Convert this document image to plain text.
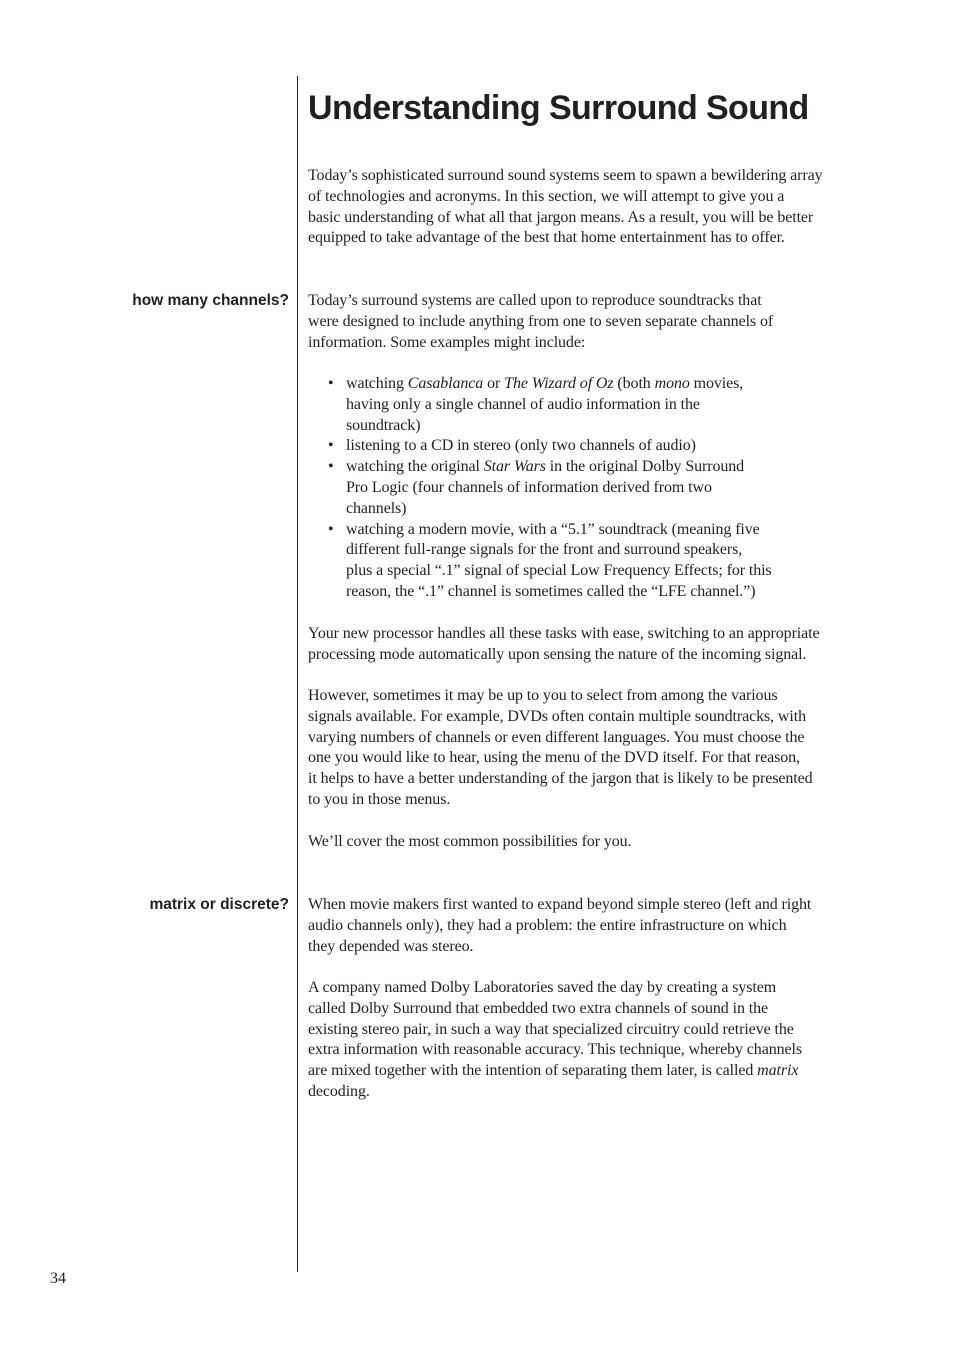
Understanding Surround Sound

Today’s sophisticated surround sound systems seem to spawn a bewildering array
of technologies and acronyms. In this section, we will attempt to give you a
basic understanding of what all that jargon means. As a result, you will be better
equipped to take advantage of the best that home entertainment has to offer.

how many channels? Today’s surround systems are called upon to reproduce soundtracks that
were designed to include anything from one to seven separate channels of
information. Some examples might include:

• watching Casablanca or The Wizard of Oz (both mono movies,
having only a single channel of audio information in the
soundtrack)
• listening to a CD in stereo (only two channels of audio)
• watching the original Star Wars in the original Dolby Surround
Pro Logic (four channels of information derived from two
channels)
• watching a modern movie, with a “5.1” soundtrack (meaning five
different full-range signals for the front and surround speakers,
plus a special “.1” signal of special Low Frequency Effects; for this
reason, the “.1” channel is sometimes called the “LFE channel.”)

Your new processor handles all these tasks with ease, switching to an appropriate
processing mode automatically upon sensing the nature of the incoming signal.

However, sometimes it may be up to you to select from among the various
signals available. For example, DVDs often contain multiple soundtracks, with
varying numbers of channels or even different languages. You must choose the
one you would like to hear, using the menu of the DVD itself. For that reason,
it helps to have a better understanding of the jargon that is likely to be presented
to you in those menus.

We’ll cover the most common possibilities for you.

matrix or discrete? When movie makers first wanted to expand beyond simple stereo (left and right
audio channels only), they had a problem: the entire infrastructure on which
they depended was stereo.

A company named Dolby Laboratories saved the day by creating a system
called Dolby Surround that embedded two extra channels of sound in the
existing stereo pair, in such a way that specialized circuitry could retrieve the
extra information with reasonable accuracy. This technique, whereby channels
are mixed together with the intention of separating them later, is called matrix
decoding.

34
